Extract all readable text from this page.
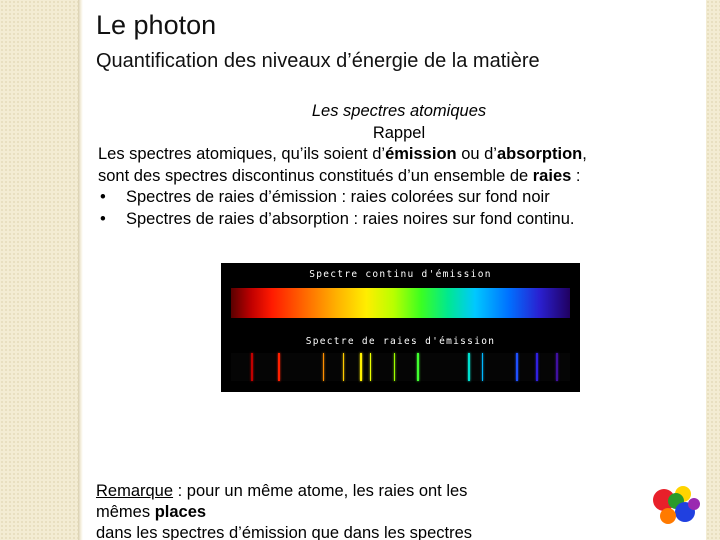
Le photon
Quantification des niveaux d’énergie de la matière
Les spectres atomiques
Rappel
Les spectres atomiques, qu’ils soient d’émission ou d’absorption,
sont des spectres discontinus constitués d’un ensemble de raies :
• Spectres de raies d’émission : raies colorées sur fond noir
• Spectres de raies d’absorption : raies noires sur fond continu.
Spectre continu d'émission
Spectre de raies d'émission
Remarque : pour un même atome, les raies ont les
mêmes places
dans les spectres d’émission que dans les spectres
